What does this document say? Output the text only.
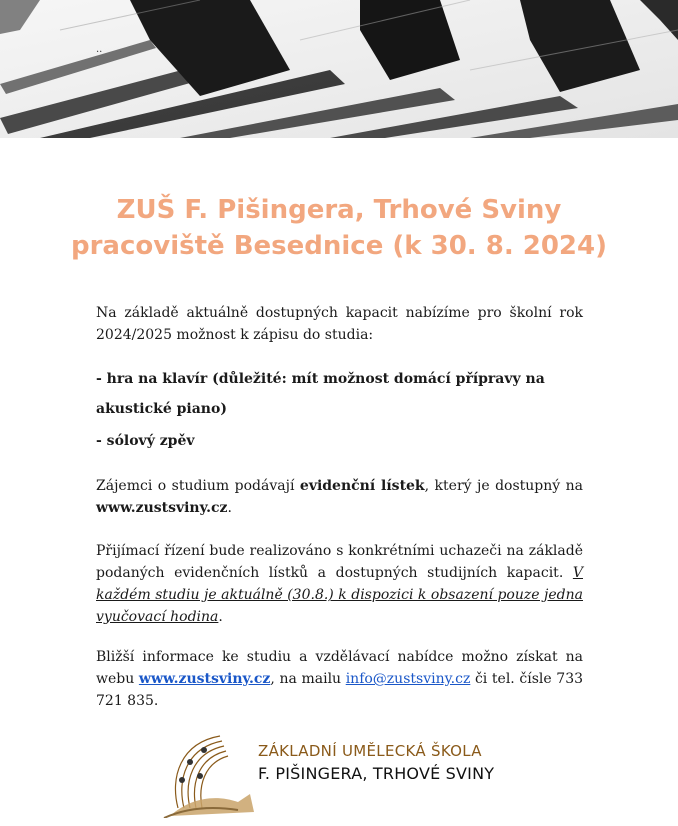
..
ZUŠ F. Pišingera, Trhové Sviny
pracoviště Besednice (k 30. 8. 2024)
Na základě aktuálně dostupných kapacit nabízíme pro školní rok 2024/2025 možnost k zápisu do studia:
- hra na klavír (důležité: mít možnost domácí přípravy na akustické piano)
- sólový zpěv
Zájemci o studium podávají evidenční lístek, který je dostupný na www.zustsviny.cz.
Přijímací řízení bude realizováno s konkrétními uchazeči na základě podaných evidenčních lístků a dostupných studijních kapacit. V každém studiu je aktuálně (30.8.) k dispozici k obsazení pouze jedna vyučovací hodina.
Bližší informace ke studiu a vzdělávací nabídce možno získat na webu www.zustsviny.cz, na mailu info@zustsviny.cz či tel. čísle 733 721 835.
ZÁKLADNÍ UMĚLECKÁ ŠKOLA
F. PIŠINGERA, TRHOVÉ SVINY
